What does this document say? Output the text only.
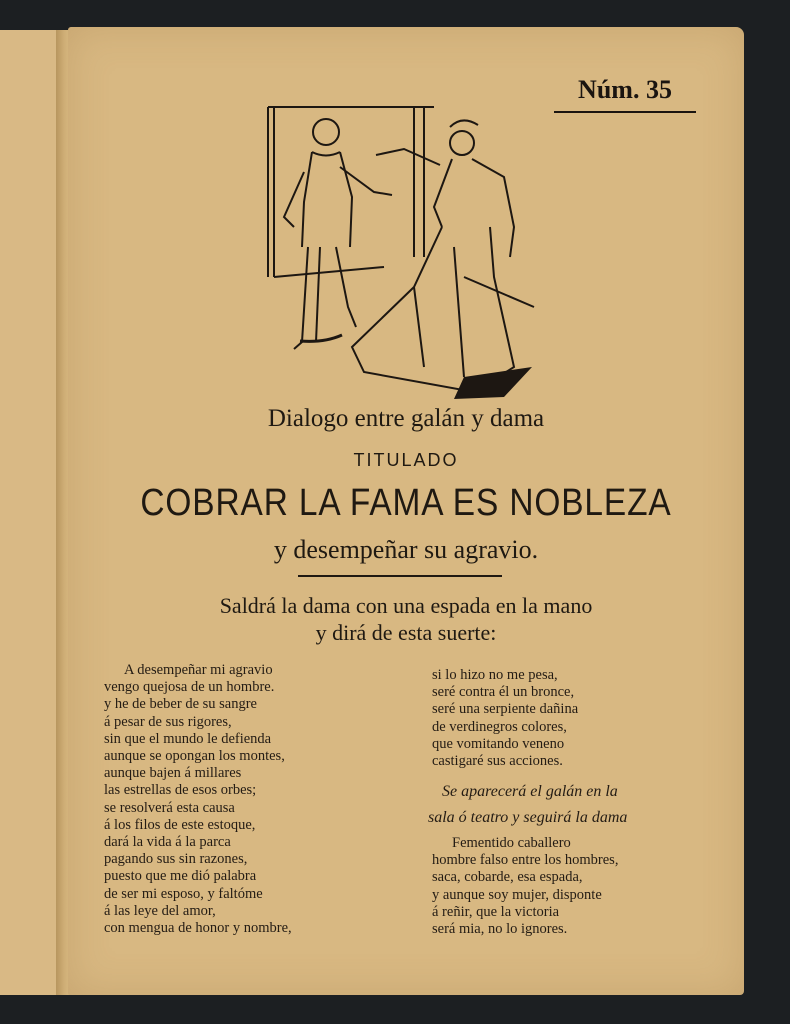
Núm. 35
Dialogo entre galán y dama
TITULADO
COBRAR LA FAMA ES NOBLEZA
y desempeñar su agravio.
Saldrá la dama con una espada en la mano
y dirá de esta suerte:
A desempeñar mi agravio
vengo quejosa de un hombre.
y he de beber de su sangre
á pesar de sus rigores,
sin que el mundo le defienda
aunque se opongan los montes,
aunque bajen á millares
las estrellas de esos orbes;
se resolverá esta causa
á los filos de este estoque,
dará la vida á la parca
pagando sus sin razones,
puesto que me dió palabra
de ser mi esposo, y faltóme
á las leye del amor,
con mengua de honor y nombre,
si lo hizo no me pesa,
seré contra él un bronce,
seré una serpiente dañina
de verdinegros colores,
que vomitando veneno
castigaré sus acciones.
Se aparecerá el galán en la
sala ó teatro y seguirá la dama
Fementido caballero
hombre falso entre los hombres,
saca, cobarde, esa espada,
y aunque soy mujer, disponte
á reñir, que la victoria
será mia, no lo ignores.
